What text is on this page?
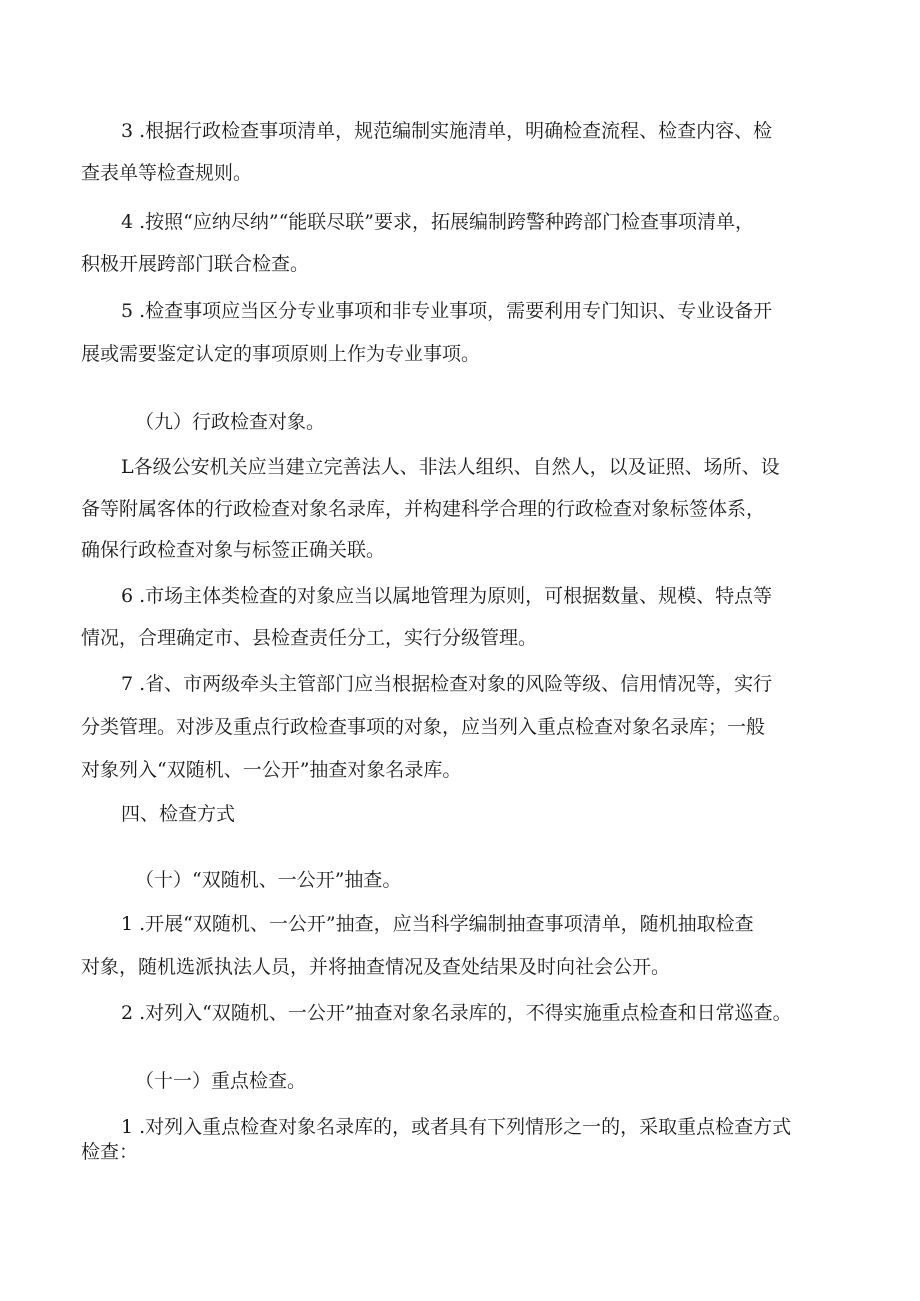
3 .根据行政检查事项清单，规范编制实施清单，明确检查流程、检查内容、检

查表单等检查规则。

4 .按照“应纳尽纳”“能联尽联”要求，拓展编制跨警种跨部门检查事项清单，

积极开展跨部门联合检查。

5 .检查事项应当区分专业事项和非专业事项，需要利用专门知识、专业设备开

展或需要鉴定认定的事项原则上作为专业事项。

（九）行政检查对象。

L各级公安机关应当建立完善法人、非法人组织、自然人，以及证照、场所、设

备等附属客体的行政检查对象名录库，并构建科学合理的行政检查对象标签体系，

确保行政检查对象与标签正确关联。

6 .市场主体类检查的对象应当以属地管理为原则，可根据数量、规模、特点等

情况，合理确定市、县检查责任分工，实行分级管理。

7 .省、市两级牵头主管部门应当根据检查对象的风险等级、信用情况等，实行

分类管理。对涉及重点行政检查事项的对象，应当列入重点检查对象名录库；一般

对象列入“双随机、一公开”抽查对象名录库。

四、检查方式

（十）“双随机、一公开”抽查。

1 .开展“双随机、一公开”抽查，应当科学编制抽查事项清单，随机抽取检查

对象，随机选派执法人员，并将抽查情况及查处结果及时向社会公开。

2 .对列入“双随机、一公开”抽查对象名录库的，不得实施重点检查和日常巡查。

（十一）重点检查。

1 .对列入重点检查对象名录库的，或者具有下列情形之一的，采取重点检查方式

检查：
